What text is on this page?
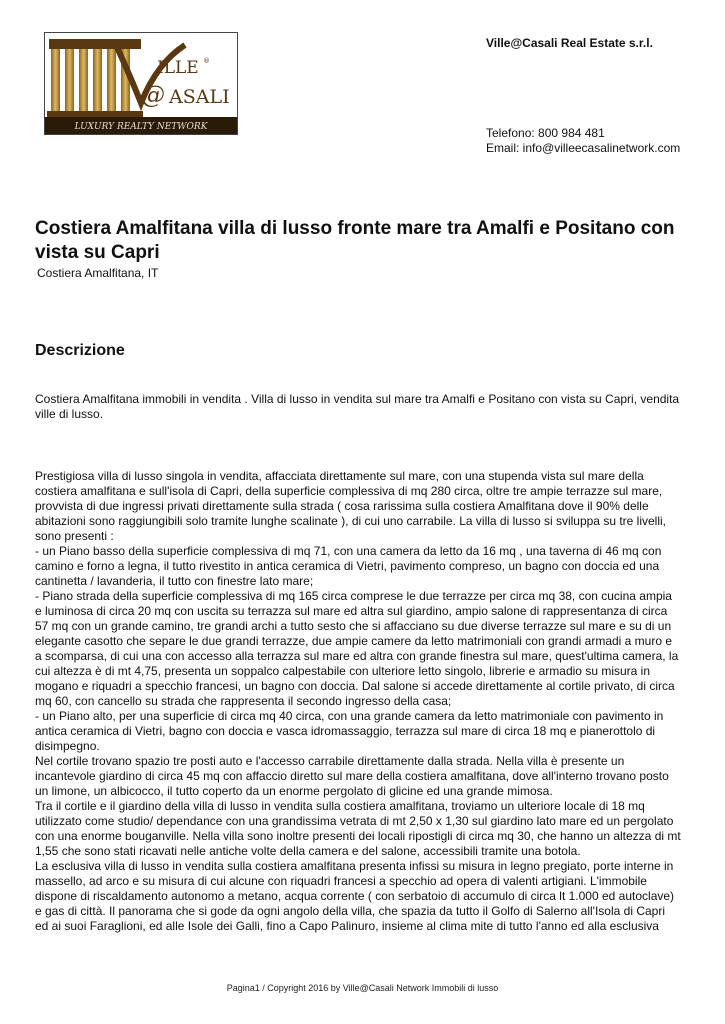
ILLE ®
@ ASALI
LUXURY REALTY NETWORK
Ville@Casali Real Estate s.r.l.
Telefono: 800 984 481
Email: info@villeecasalinetwork.com
Costiera Amalfitana villa di lusso fronte mare tra Amalfi e Positano con vista su Capri
Costiera Amalfitana, IT
Descrizione

Costiera Amalfitana immobili in vendita . Villa di lusso in vendita sul mare tra Amalfi e Positano con vista su Capri, vendita ville di lusso.

Prestigiosa villa di lusso singola in vendita, affacciata direttamente sul mare, con una stupenda vista sul mare della

costiera amalfitana e sull'isola di Capri, della superficie complessiva di mq 280 circa, oltre tre ampie terrazze sul mare,

provvista di due ingressi privati direttamente sulla strada ( cosa rarissima sulla costiera Amalfitana dove il 90% delle

abitazioni sono raggiungibili solo tramite lunghe scalinate ), di cui uno carrabile. La villa di lusso si sviluppa su tre livelli,

sono presenti :

- un Piano basso della superficie complessiva di mq 71, con una camera da letto da 16 mq , una taverna di 46 mq con

camino e forno a legna, il tutto rivestito in antica ceramica di Vietri, pavimento compreso, un bagno con doccia ed una

cantinetta / lavanderia, il tutto con finestre lato mare;

- Piano strada della superficie complessiva di mq 165 circa comprese le due terrazze per circa mq 38, con cucina ampia

e luminosa di circa 20 mq con uscita su terrazza sul mare ed altra sul giardino, ampio salone di rappresentanza di circa

57 mq con un grande camino, tre grandi archi a tutto sesto che si affacciano su due diverse terrazze sul mare e su di un

elegante casotto che separe le due grandi terrazze, due ampie camere da letto matrimoniali con grandi armadi a muro e

a scomparsa, di cui una con accesso alla terrazza sul mare ed altra con grande finestra sul mare, quest'ultima camera, la

cui altezza è di mt 4,75, presenta un soppalco calpestabile con ulteriore letto singolo, librerie e armadio su misura in

mogano e riquadri a specchio francesi, un bagno con doccia. Dal salone si accede direttamente al cortile privato, di circa

mq 60, con cancello su strada che rappresenta il secondo ingresso della casa;

- un Piano alto, per una superficie di circa mq 40 circa, con una grande camera da letto matrimoniale con pavimento in

antica ceramica di Vietri, bagno con doccia e vasca idromassaggio, terrazza sul mare di circa 18 mq e pianerottolo di

disimpegno.

Nel cortile trovano spazio tre posti auto e l'accesso carrabile direttamente dalla strada. Nella villa è presente un

incantevole giardino di circa 45 mq con affaccio diretto sul mare della costiera amalfitana, dove all'interno trovano posto

un limone, un albicocco, il tutto coperto da un enorme pergolato di glicine ed una grande mimosa.

Tra il cortile e il giardino della villa di lusso in vendita sulla costiera amalfitana, troviamo un ulteriore locale di 18 mq

utilizzato come studio/ dependance con una grandissima vetrata di mt 2,50 x 1,30 sul giardino lato mare ed un pergolato

con una enorme bouganville. Nella villa sono inoltre presenti dei locali ripostigli di circa mq 30, che hanno un altezza di mt

1,55 che sono stati ricavati nelle antiche volte della camera e del salone, accessibili tramite una botola.

La esclusiva villa di lusso in vendita sulla costiera amalfitana presenta infissi su misura in legno pregiato, porte interne in

massello, ad arco e su misura di cui alcune con riquadri francesi a specchio ad opera di valenti artigiani. L'immobile

dispone di riscaldamento autonomo a metano, acqua corrente ( con serbatoio di accumulo di circa lt 1.000 ed autoclave)

e gas di città. Il panorama che si gode da ogni angolo della villa, che spazia da tutto il Golfo di Salerno all'Isola di Capri

ed ai suoi Faraglioni, ed alle Isole dei Galli, fino a Capo Palinuro, insieme al clima mite di tutto l'anno ed alla esclusiva

Pagina1 / Copyright 2016 by Ville@Casali Network Immobili di lusso
